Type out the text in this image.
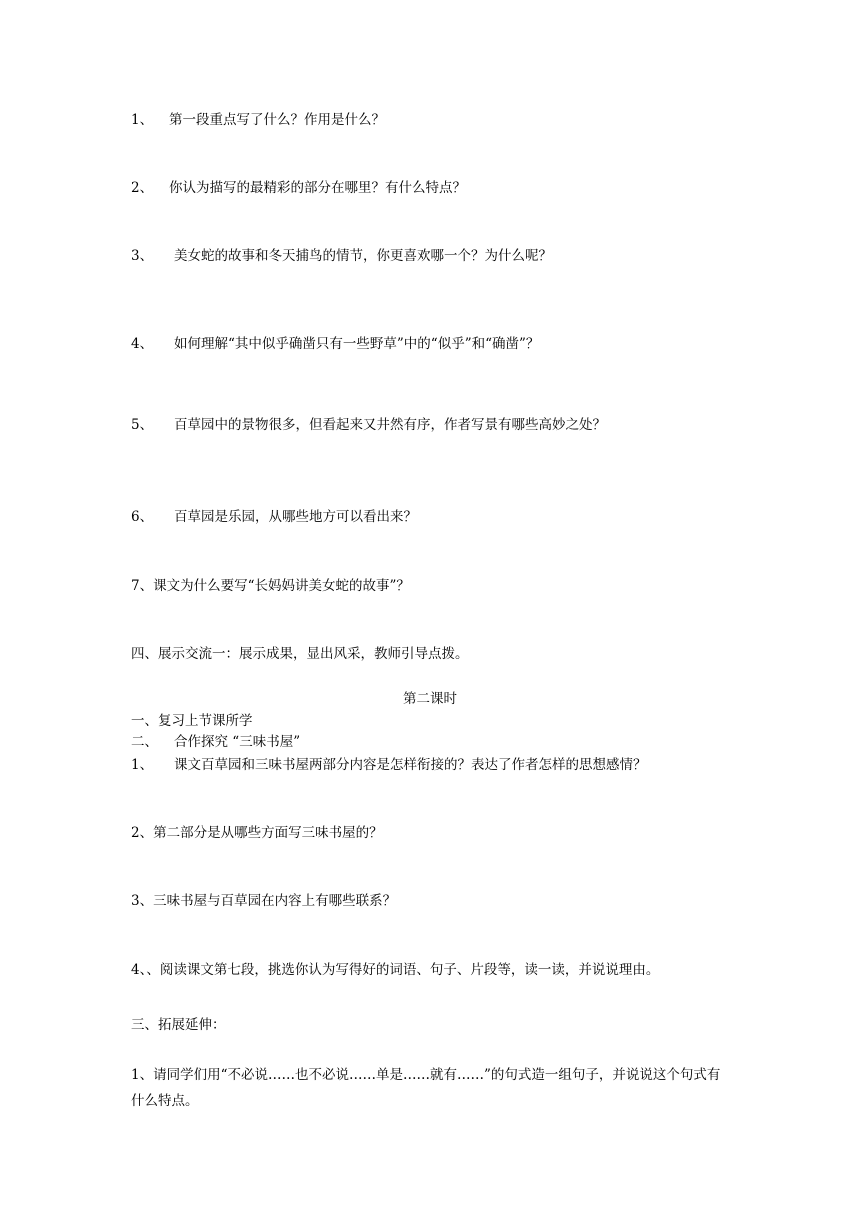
1、 第一段重点写了什么？作用是什么？
2、 你认为描写的最精彩的部分在哪里？有什么特点？
3、 美女蛇的故事和冬天捕鸟的情节，你更喜欢哪一个？为什么呢？
4、 如何理解“其中似乎确凿只有一些野草”中的“似乎”和“确凿”？
5、 百草园中的景物很多，但看起来又井然有序，作者写景有哪些高妙之处？
6、 百草园是乐园，从哪些地方可以看出来？
7、课文为什么要写“长妈妈讲美女蛇的故事”？
四、展示交流一：展示成果，显出风采，教师引导点拨。
第二课时
一、复习上节课所学
二、 合作探究 “三味书屋”
1、 课文百草园和三味书屋两部分内容是怎样衔接的？表达了作者怎样的思想感情？
2、第二部分是从哪些方面写三味书屋的？
3、三味书屋与百草园在内容上有哪些联系？
4、、阅读课文第七段，挑选你认为写得好的词语、句子、片段等，读一读，并说说理由。
三、拓展延伸：
1、请同学们用“不必说……也不必说……单是……就有……”的句式造一组句子，并说说这个句式有什么特点。
